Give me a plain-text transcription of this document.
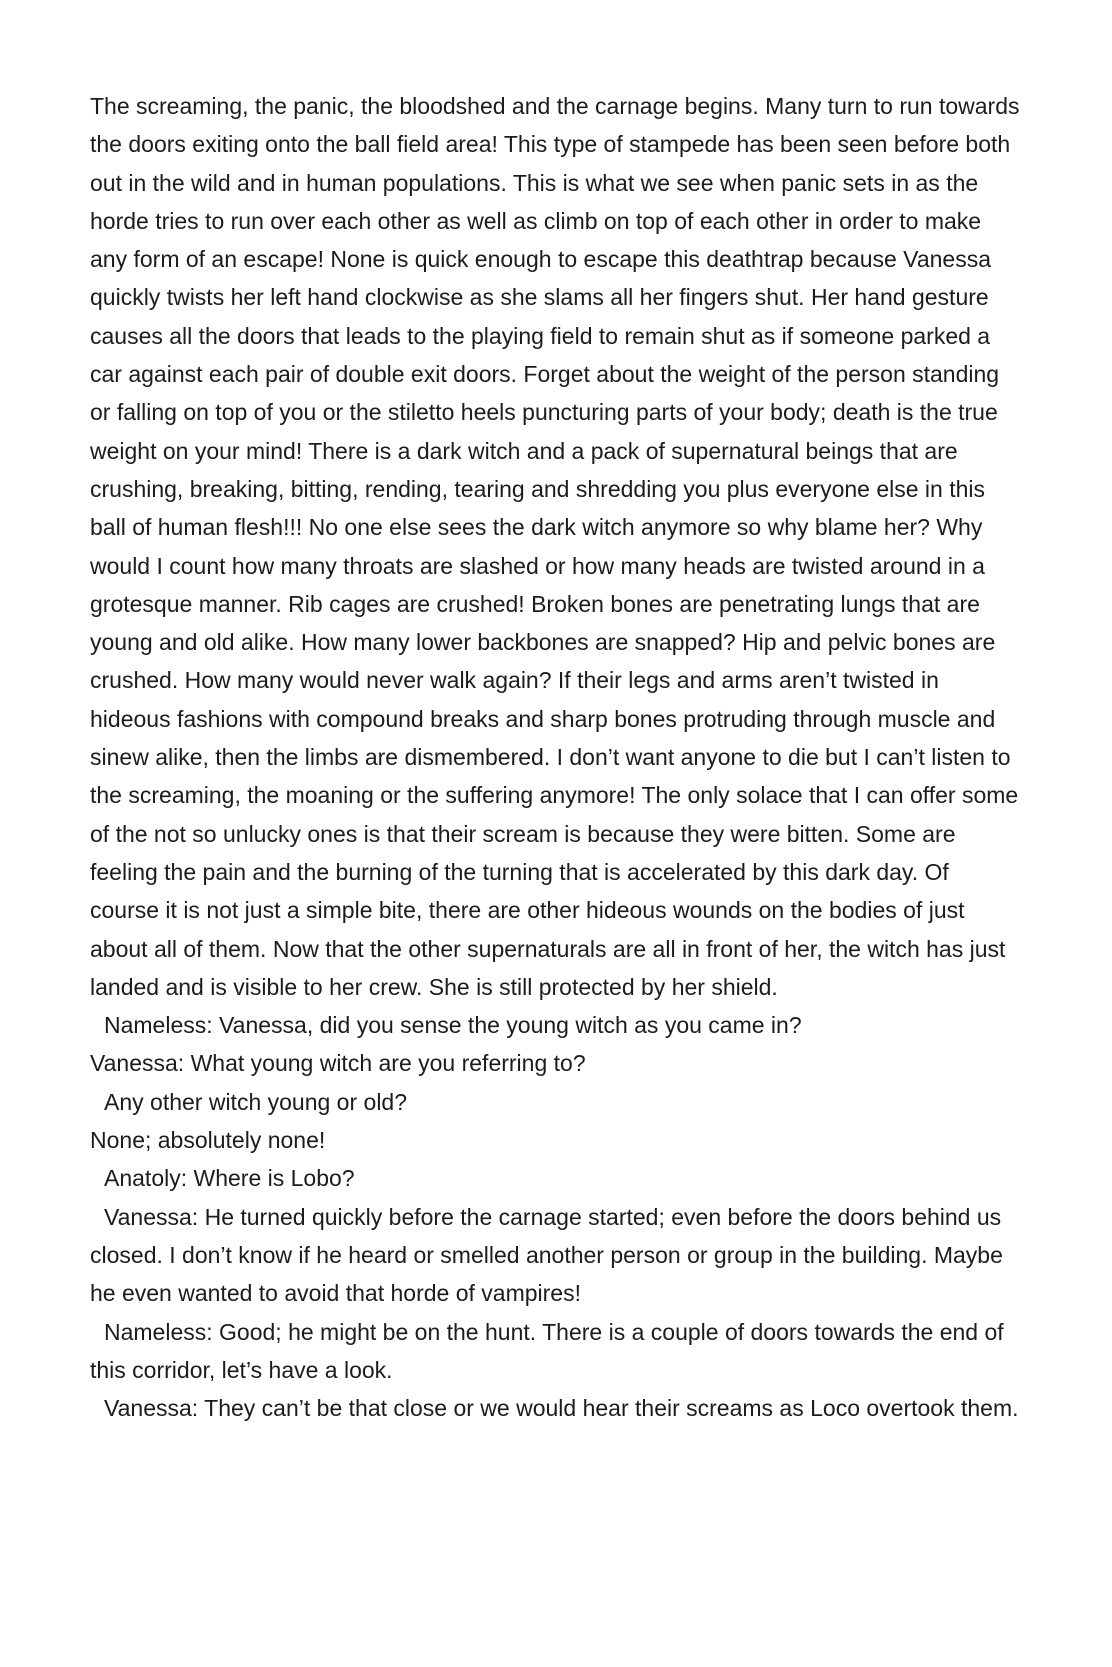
The screaming, the panic, the bloodshed and the carnage begins. Many turn to run towards the doors exiting onto the ball field area! This type of stampede has been seen before both out in the wild and in human populations. This is what we see when panic sets in as the horde tries to run over each other as well as climb on top of each other in order to make any form of an escape! None is quick enough to escape this deathtrap because Vanessa quickly twists her left hand clockwise as she slams all her fingers shut. Her hand gesture causes all the doors that leads to the playing field to remain shut as if someone parked a car against each pair of double exit doors. Forget about the weight of the person standing or falling on top of you or the stiletto heels puncturing parts of your body; death is the true weight on your mind! There is a dark witch and a pack of supernatural beings that are crushing, breaking, bitting, rending, tearing and shredding you plus everyone else in this ball of human flesh!!! No one else sees the dark witch anymore so why blame her? Why would I count how many throats are slashed or how many heads are twisted around in a grotesque manner. Rib cages are crushed! Broken bones are penetrating lungs that are young and old alike. How many lower backbones are snapped? Hip and pelvic bones are crushed. How many would never walk again? If their legs and arms aren’t twisted in hideous fashions with compound breaks and sharp bones protruding through muscle and sinew alike, then the limbs are dismembered. I don’t want anyone to die but I can’t listen to the screaming, the moaning or the suffering anymore! The only solace that I can offer some of the not so unlucky ones is that their scream is because they were bitten. Some are feeling the pain and the burning of the turning that is accelerated by this dark day. Of course it is not just a simple bite, there are other hideous wounds on the bodies of just about all of them. Now that the other supernaturals are all in front of her, the witch has just landed and is visible to her crew. She is still protected by her shield.

Nameless: Vanessa, did you sense the young witch as you came in?

Vanessa: What young witch are you referring to?

Any other witch young or old?

None; absolutely none!

Anatoly: Where is Lobo?

Vanessa: He turned quickly before the carnage started; even before the doors behind us closed. I don’t know if he heard or smelled another person or group in the building. Maybe he even wanted to avoid that horde of vampires!

Nameless: Good; he might be on the hunt. There is a couple of doors towards the end of this corridor, let’s have a look.

Vanessa: They can’t be that close or we would hear their screams as Loco overtook them.
